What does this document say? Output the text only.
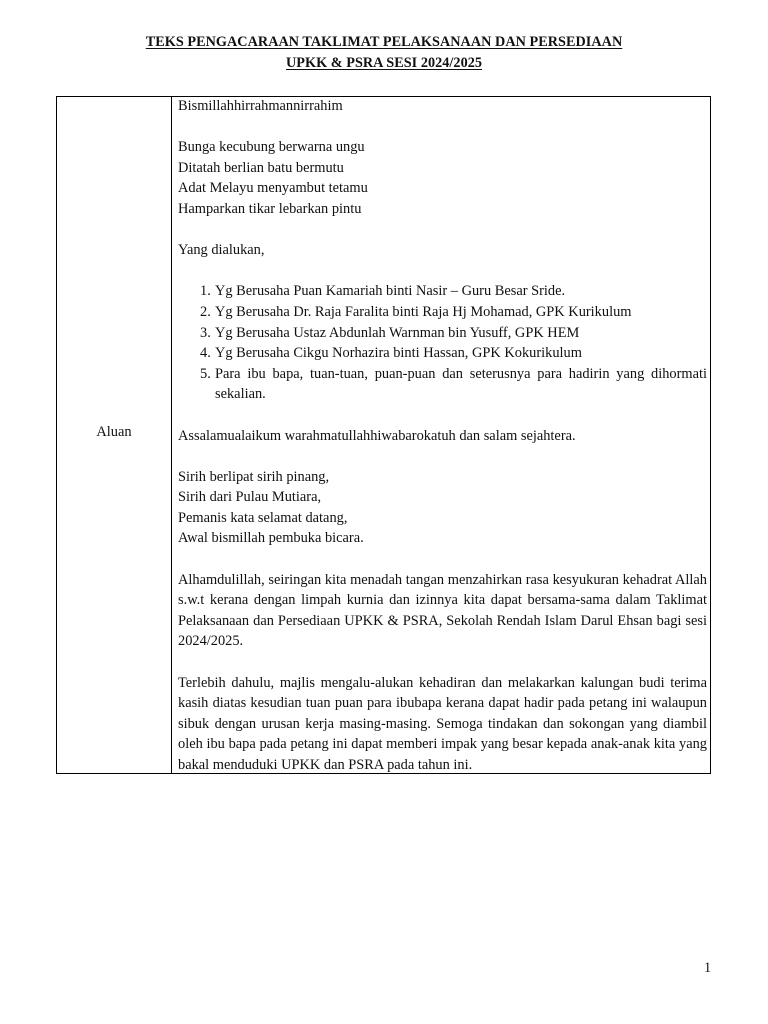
TEKS PENGACARAAN TAKLIMAT PELAKSANAAN DAN PERSEDIAAN
UPKK & PSRA SESI 2024/2025
Aluan

Bismillahhirrahmannirrahim

Bunga kecubung berwarna ungu

Ditatah berlian batu bermutu

Adat Melayu menyambut tetamu

Hamparkan tikar lebarkan pintu

Yang dialukan,

1. Yg Berusaha Puan Kamariah binti Nasir – Guru Besar Sride.
2. Yg Berusaha Dr. Raja Faralita binti Raja Hj Mohamad, GPK Kurikulum
3. Yg Berusaha Ustaz Abdunlah Warnman bin Yusuff, GPK HEM
4. Yg Berusaha Cikgu Norhazira binti Hassan, GPK Kokurikulum
5. Para ibu bapa, tuan-tuan, puan-puan dan seterusnya para hadirin yang dihormati sekalian.

Assalamualaikum warahmatullahhiwabarokatuh dan salam sejahtera.

Sirih berlipat sirih pinang,

Sirih dari Pulau Mutiara,

Pemanis kata selamat datang,

Awal bismillah pembuka bicara.

Alhamdulillah, seiringan kita menadah tangan menzahirkan rasa kesyukuran kehadrat Allah s.w.t kerana dengan limpah kurnia dan izinnya kita dapat bersama-sama dalam Taklimat Pelaksanaan dan Persediaan UPKK & PSRA, Sekolah Rendah Islam Darul Ehsan bagi sesi 2024/2025.

Terlebih dahulu, majlis mengalu-alukan kehadiran dan melakarkan kalungan budi terima kasih diatas kesudian tuan puan para ibubapa kerana dapat hadir pada petang ini walaupun sibuk dengan urusan kerja masing-masing. Semoga tindakan dan sokongan yang diambil oleh ibu bapa pada petang ini dapat memberi impak yang besar kepada anak-anak kita yang bakal menduduki UPKK dan PSRA pada tahun ini.

1
